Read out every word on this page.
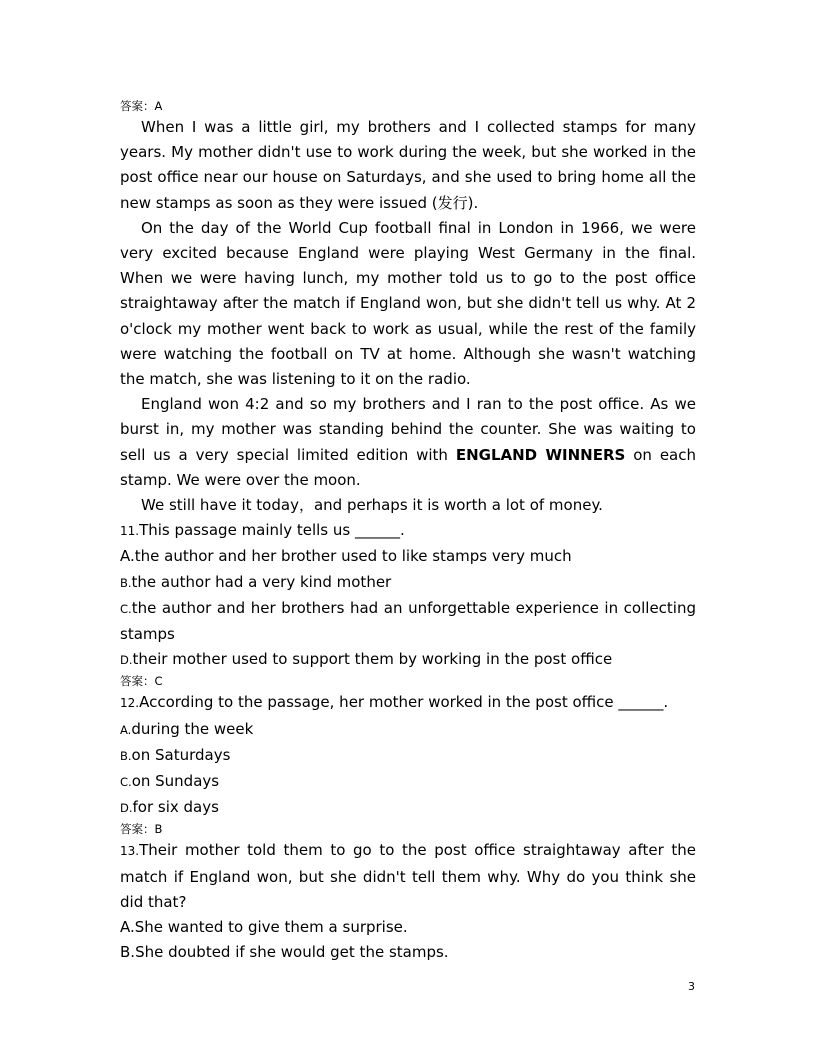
答案：A

When I was a little girl, my brothers and I collected stamps for many years. My mother didn't use to work during the week, but she worked in the post office near our house on Saturdays, and she used to bring home all the new stamps as soon as they were issued (发行).

On the day of the World Cup football final in London in 1966, we were very excited because England were playing West Germany in the final. When we were having lunch, my mother told us to go to the post office straightaway after the match if England won, but she didn't tell us why. At 2 o'clock my mother went back to work as usual, while the rest of the family were watching the football on TV at home. Although she wasn't watching the match, she was listening to it on the radio.

England won 4:2 and so my brothers and I ran to the post office. As we burst in, my mother was standing behind the counter. She was waiting to sell us a very special limited edition with ENGLAND WINNERS on each stamp. We were over the moon.

We still have it today，and perhaps it is worth a lot of money.

11.This passage mainly tells us ______.
A.the author and her brother used to like stamps very much
B.the author had a very kind mother
C.the author and her brothers had an unforgettable experience in collecting stamps
D.their mother used to support them by working in the post office
答案：C
12.According to the passage, her mother worked in the post office ______.
A.during the week
B.on Saturdays
C.on Sundays
D.for six days
答案：B
13.Their mother told them to go to the post office straightaway after the match if England won, but she didn't tell them why. Why do you think she did that?
A.She wanted to give them a surprise.
B.She doubted if she would get the stamps.
3
